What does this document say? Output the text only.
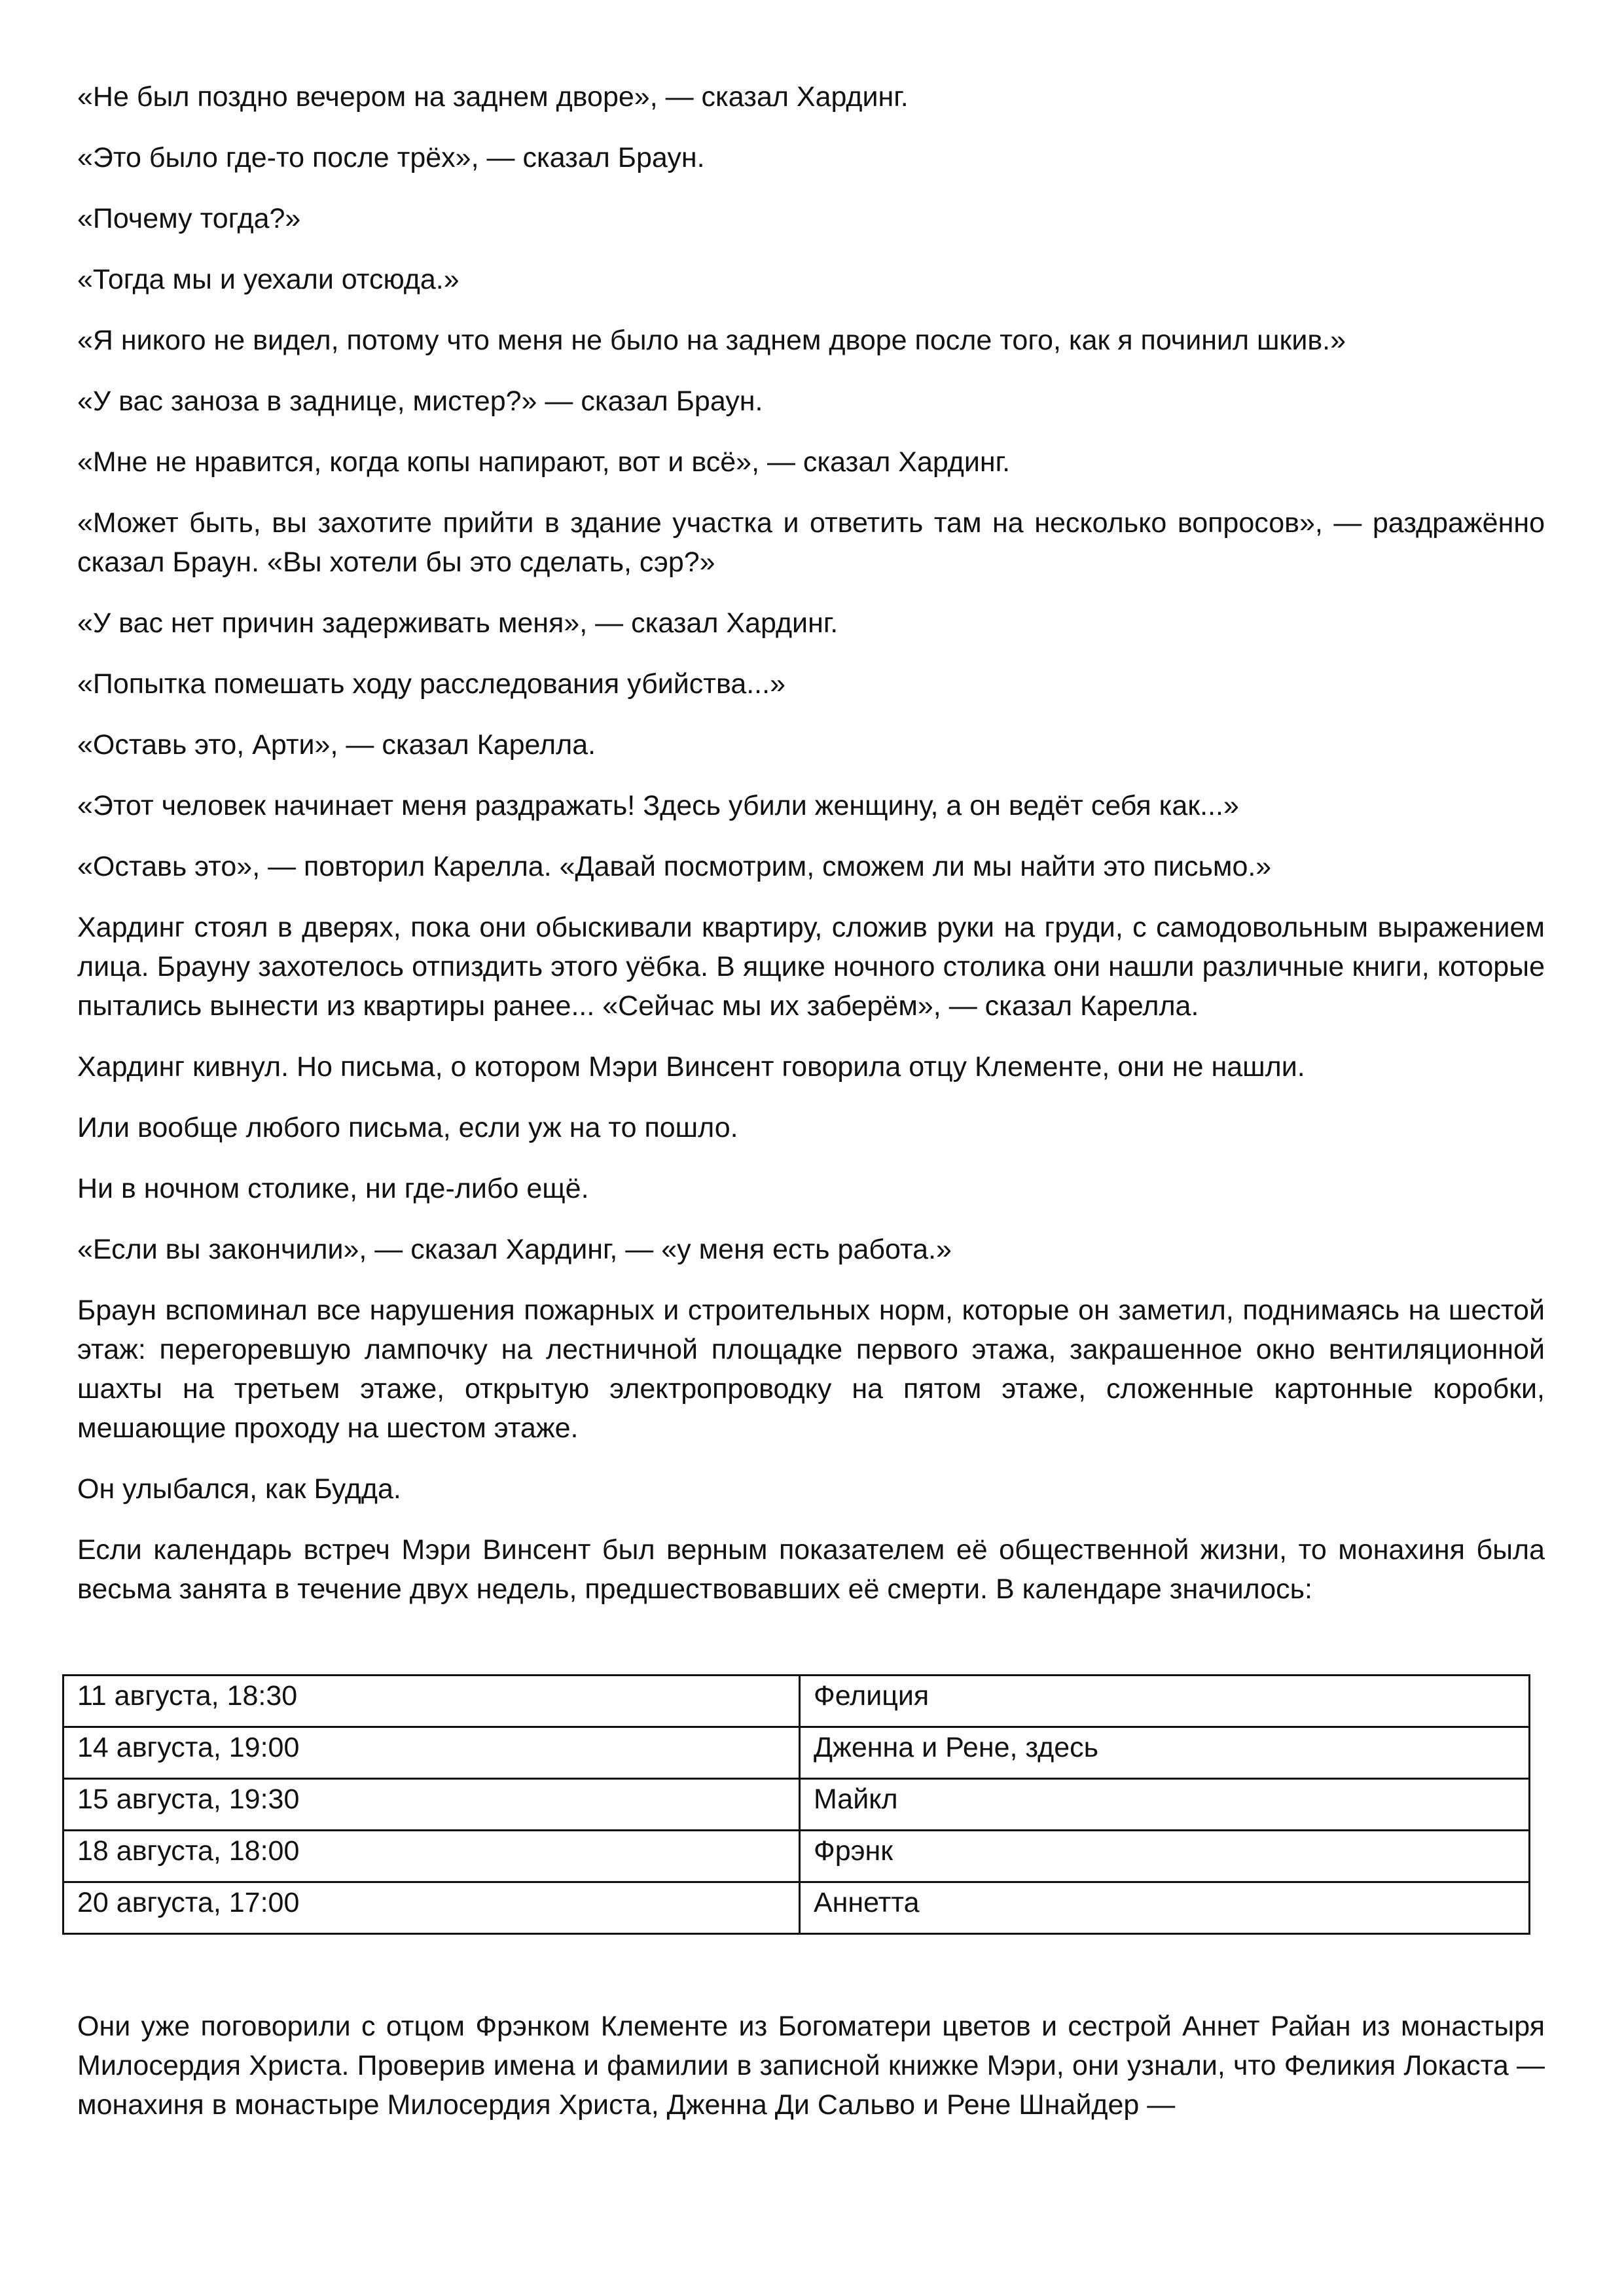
«Не был поздно вечером на заднем дворе», — сказал Хардинг.

«Это было где-то после трёх», — сказал Браун.

«Почему тогда?»

«Тогда мы и уехали отсюда.»

«Я никого не видел, потому что меня не было на заднем дворе после того, как я починил шкив.»

«У вас заноза в заднице, мистер?» — сказал Браун.

«Мне не нравится, когда копы напирают, вот и всё», — сказал Хардинг.

«Может быть, вы захотите прийти в здание участка и ответить там на несколько вопросов», — раздражённо сказал Браун. «Вы хотели бы это сделать, сэр?»

«У вас нет причин задерживать меня», — сказал Хардинг.

«Попытка помешать ходу расследования убийства...»

«Оставь это, Арти», — сказал Карелла.

«Этот человек начинает меня раздражать! Здесь убили женщину, а он ведёт себя как...»

«Оставь это», — повторил Карелла. «Давай посмотрим, сможем ли мы найти это письмо.»

Хардинг стоял в дверях, пока они обыскивали квартиру, сложив руки на груди, с самодовольным выражением лица. Брауну захотелось отпиздить этого уёбка. В ящике ночного столика они нашли различные книги, которые пытались вынести из квартиры ранее... «Сейчас мы их заберём», — сказал Карелла.

Хардинг кивнул. Но письма, о котором Мэри Винсент говорила отцу Клементе, они не нашли.

Или вообще любого письма, если уж на то пошло.

Ни в ночном столике, ни где-либо ещё.

«Если вы закончили», — сказал Хардинг, — «у меня есть работа.»

Браун вспоминал все нарушения пожарных и строительных норм, которые он заметил, поднимаясь на шестой этаж: перегоревшую лампочку на лестничной площадке первого этажа, закрашенное окно вентиляционной шахты на третьем этаже, открытую электропроводку на пятом этаже, сложенные картонные коробки, мешающие проходу на шестом этаже.

Он улыбался, как Будда.

Если календарь встреч Мэри Винсент был верным показателем её общественной жизни, то монахиня была весьма занята в течение двух недель, предшествовавших её смерти. В календаре значилось:

11 августа, 18:30	Фелиция
14 августа, 19:00	Дженна и Рене, здесь
15 августа, 19:30	Майкл
18 августа, 18:00	Фрэнк
20 августа, 17:00	Аннетта

Они уже поговорили с отцом Фрэнком Клементе из Богоматери цветов и сестрой Аннет Райан из монастыря Милосердия Христа. Проверив имена и фамилии в записной книжке Мэри, они узнали, что Феликия Локаста — монахиня в монастыре Милосердия Христа, Дженна Ди Сальво и Рене Шнайдер —
